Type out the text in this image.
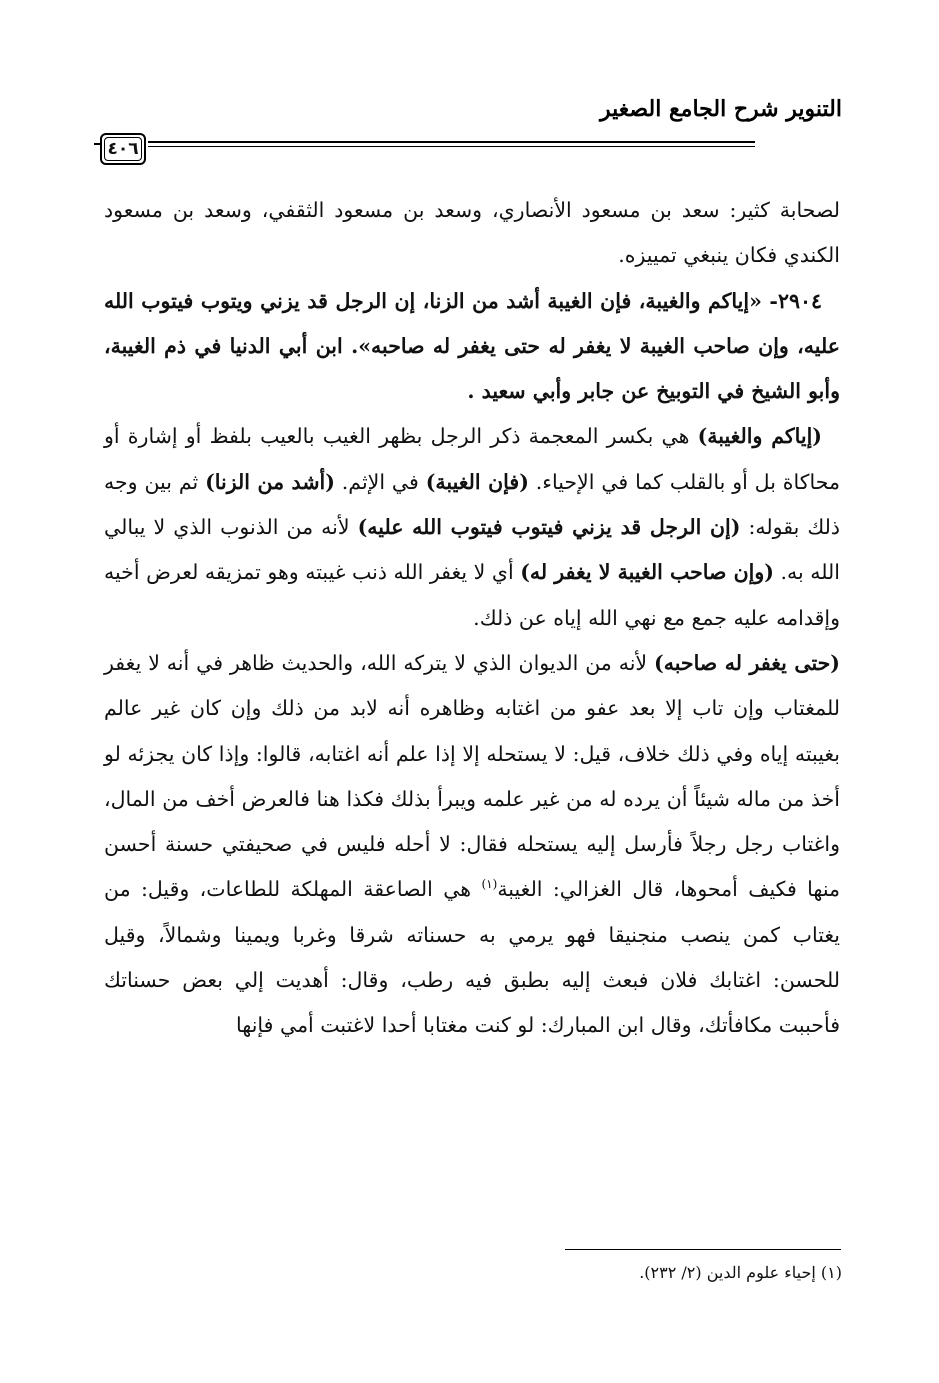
التنوير شرح الجامع الصغير
٤٠٦

لصحابة كثير: سعد بن مسعود الأنصاري، وسعد بن مسعود الثقفي، وسعد بن مسعود الكندي فكان ينبغي تمييزه.

٢٩٠٤- «إياكم والغيبة، فإن الغيبة أشد من الزنا، إن الرجل قد يزني ويتوب فيتوب الله عليه، وإن صاحب الغيبة لا يغفر له حتى يغفر له صاحبه». ابن أبي الدنيا في ذم الغيبة، وأبو الشيخ في التوبيخ عن جابر وأبي سعيد .

(إياكم والغيبة) هي بكسر المعجمة ذكر الرجل بظهر الغيب بالعيب بلفظ أو إشارة أو محاكاة بل أو بالقلب كما في الإحياء. (فإن الغيبة) في الإثم. (أشد من الزنا) ثم بين وجه ذلك بقوله: (إن الرجل قد يزني فيتوب فيتوب الله عليه) لأنه من الذنوب الذي لا يبالي الله به. (وإن صاحب الغيبة لا يغفر له) أي لا يغفر الله ذنب غيبته وهو تمزيقه لعرض أخيه وإقدامه عليه جمع مع نهي الله إياه عن ذلك.

(حتى يغفر له صاحبه) لأنه من الديوان الذي لا يتركه الله، والحديث ظاهر في أنه لا يغفر للمغتاب وإن تاب إلا بعد عفو من اغتابه وظاهره أنه لابد من ذلك وإن كان غير عالم بغيبته إياه وفي ذلك خلاف، قيل: لا يستحله إلا إذا علم أنه اغتابه، قالوا: وإذا كان يجزئه لو أخذ من ماله شيئاً أن يرده له من غير علمه ويبرأ بذلك فكذا هنا فالعرض أخف من المال، واغتاب رجل رجلاً فأرسل إليه يستحله فقال: لا أحله فليس في صحيفتي حسنة أحسن منها فكيف أمحوها، قال الغزالي: الغيبة$^{(١)}$ هي الصاعقة المهلكة للطاعات، وقيل: من يغتاب كمن ينصب منجنيقا فهو يرمي به حسناته شرقا وغربا ويمينا وشمالاً، وقيل للحسن: اغتابك فلان فبعث إليه بطبق فيه رطب، وقال: أهديت إلي بعض حسناتك فأحببت مكافأتك، وقال ابن المبارك: لو كنت مغتابا أحدا لاغتبت أمي فإنها

(١) إحياء علوم الدين (٢/ ٢٣٢).
